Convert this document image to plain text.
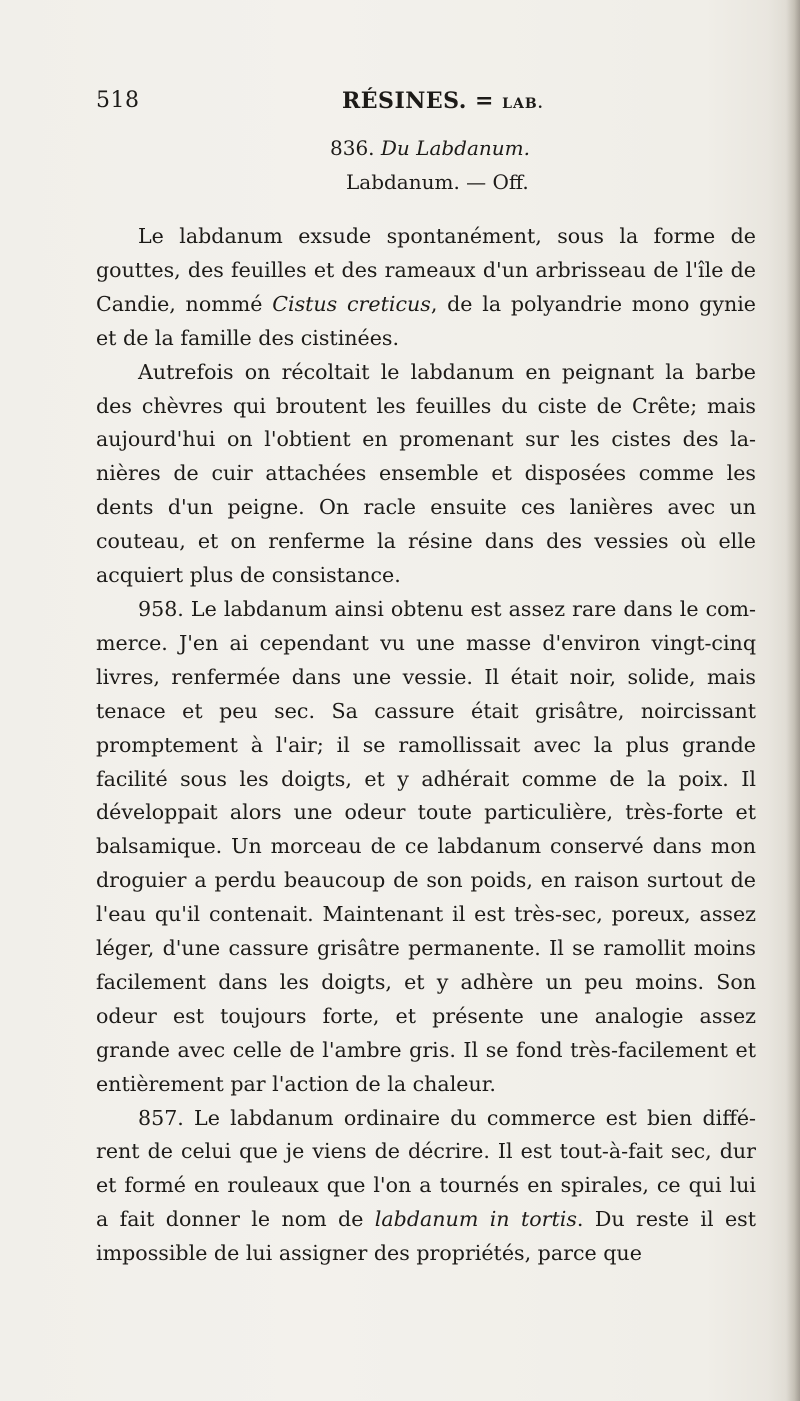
518	RÉSINES. = LAB.
836. Du Labdanum.
Labdanum. — Off.

Le labdanum exsude spontanément, sous la forme de gouttes, des feuilles et des rameaux d'un arbrisseau de l'île de Candie, nommé Cistus creticus, de la polyandrie mono gynie et de la famille des cistinées.

Autrefois on récoltait le labdanum en peignant la barbe des chèvres qui broutent les feuilles du ciste de Crête; mais aujourd'hui on l'obtient en promenant sur les cistes des la-nières de cuir attachées ensemble et disposées comme les dents d'un peigne. On racle ensuite ces lanières avec un couteau, et on renferme la résine dans des vessies où elle acquiert plus de consistance.

958. Le labdanum ainsi obtenu est assez rare dans le com-merce. J'en ai cependant vu une masse d'environ vingt-cinq livres, renfermée dans une vessie. Il était noir, solide, mais tenace et peu sec. Sa cassure était grisâtre, noircissant promptement à l'air; il se ramollissait avec la plus grande facilité sous les doigts, et y adhérait comme de la poix. Il développait alors une odeur toute particulière, très-forte et balsamique. Un morceau de ce labdanum conservé dans mon droguier a perdu beaucoup de son poids, en raison surtout de l'eau qu'il contenait. Maintenant il est très-sec, poreux, assez léger, d'une cassure grisâtre permanente. Il se ramollit moins facilement dans les doigts, et y adhère un peu moins. Son odeur est toujours forte, et présente une analogie assez grande avec celle de l'ambre gris. Il se fond très-facilement et entièrement par l'action de la chaleur.

857. Le labdanum ordinaire du commerce est bien diffé-rent de celui que je viens de décrire. Il est tout-à-fait sec, dur et formé en rouleaux que l'on a tournés en spirales, ce qui lui a fait donner le nom de labdanum in tortis. Du reste il est impossible de lui assigner des propriétés, parce que
